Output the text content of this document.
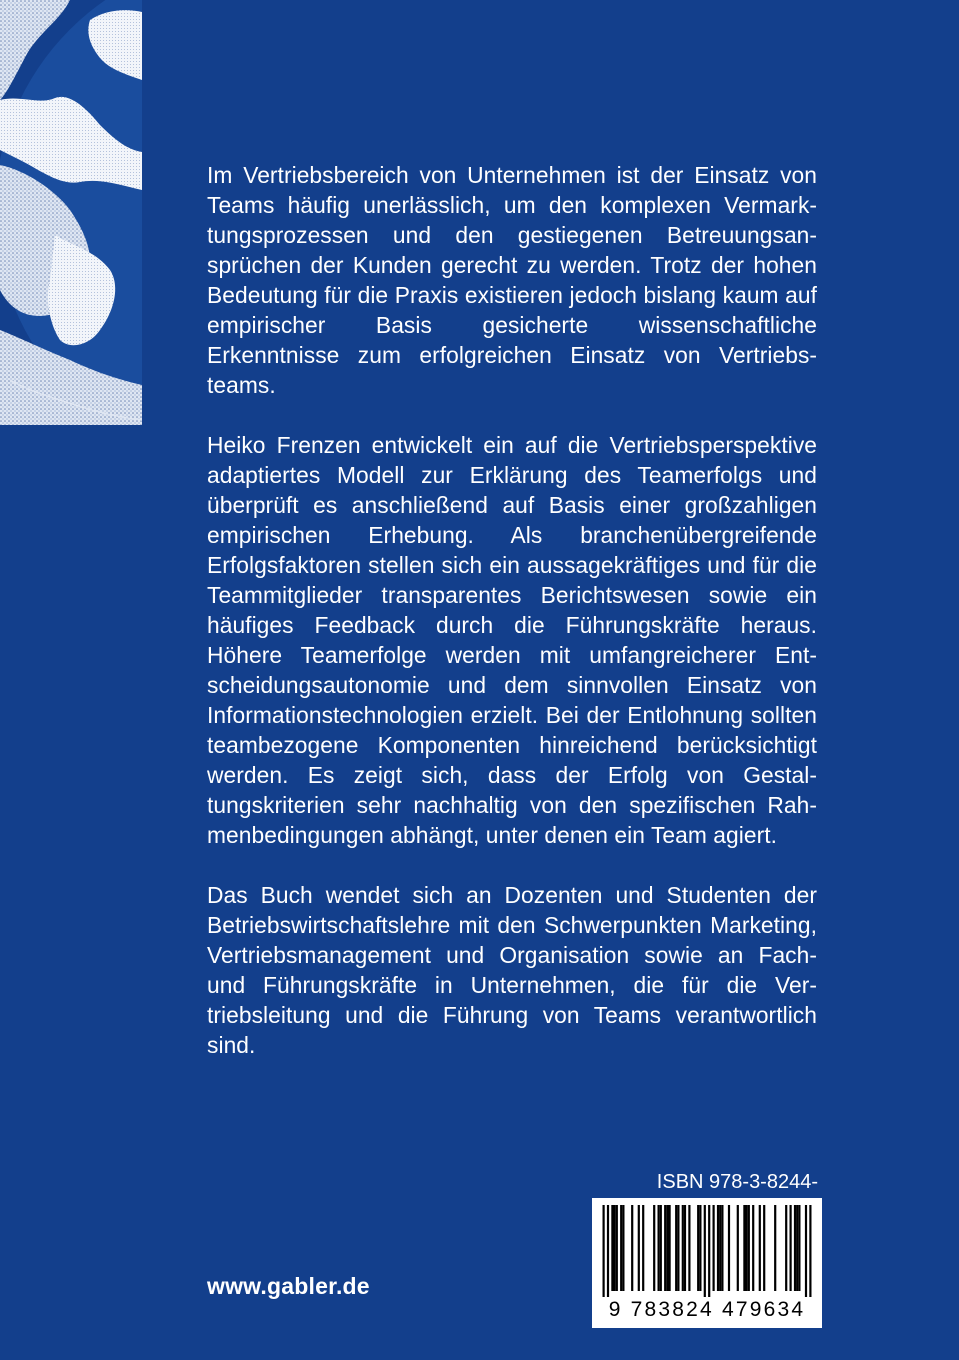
Im Vertriebsbereich von Unternehmen ist der Einsatz von Teams häufig unerlässlich, um den komplexen Vermarktungsprozessen und den gestiegenen Betreuungsansprüchen der Kunden gerecht zu werden. Trotz der hohen Bedeutung für die Praxis existieren jedoch bislang kaum auf empirischer Basis gesicherte wissenschaftliche Erkenntnisse zum erfolgreichen Einsatz von Vertriebsteams.

Heiko Frenzen entwickelt ein auf die Vertriebsperspektive adaptiertes Modell zur Erklärung des Teamerfolgs und überprüft es anschließend auf Basis einer großzahligen empirischen Erhebung. Als branchenübergreifende Erfolgsfaktoren stellen sich ein aussagekräftiges und für die Teammitglieder transparentes Berichtswesen sowie ein häufiges Feedback durch die Führungskräfte heraus. Höhere Teamerfolge werden mit umfangreicherer Entscheidungsautonomie und dem sinnvollen Einsatz von Informationstechnologien erzielt. Bei der Entlohnung sollten teambezogene Komponenten hinreichend berücksichtigt werden. Es zeigt sich, dass der Erfolg von Gestaltungskriterien sehr nachhaltig von den spezifischen Rahmenbedingungen abhängt, unter denen ein Team agiert.

Das Buch wendet sich an Dozenten und Studenten der Betriebswirtschaftslehre mit den Schwerpunkten Marketing, Vertriebsmanagement und Organisation sowie an Fach- und Führungskräfte in Unternehmen, die für die Vertriebsleitung und die Führung von Teams verantwortlich sind.

ISBN 978-3-8244-
9 783824 479634
www.gabler.de
